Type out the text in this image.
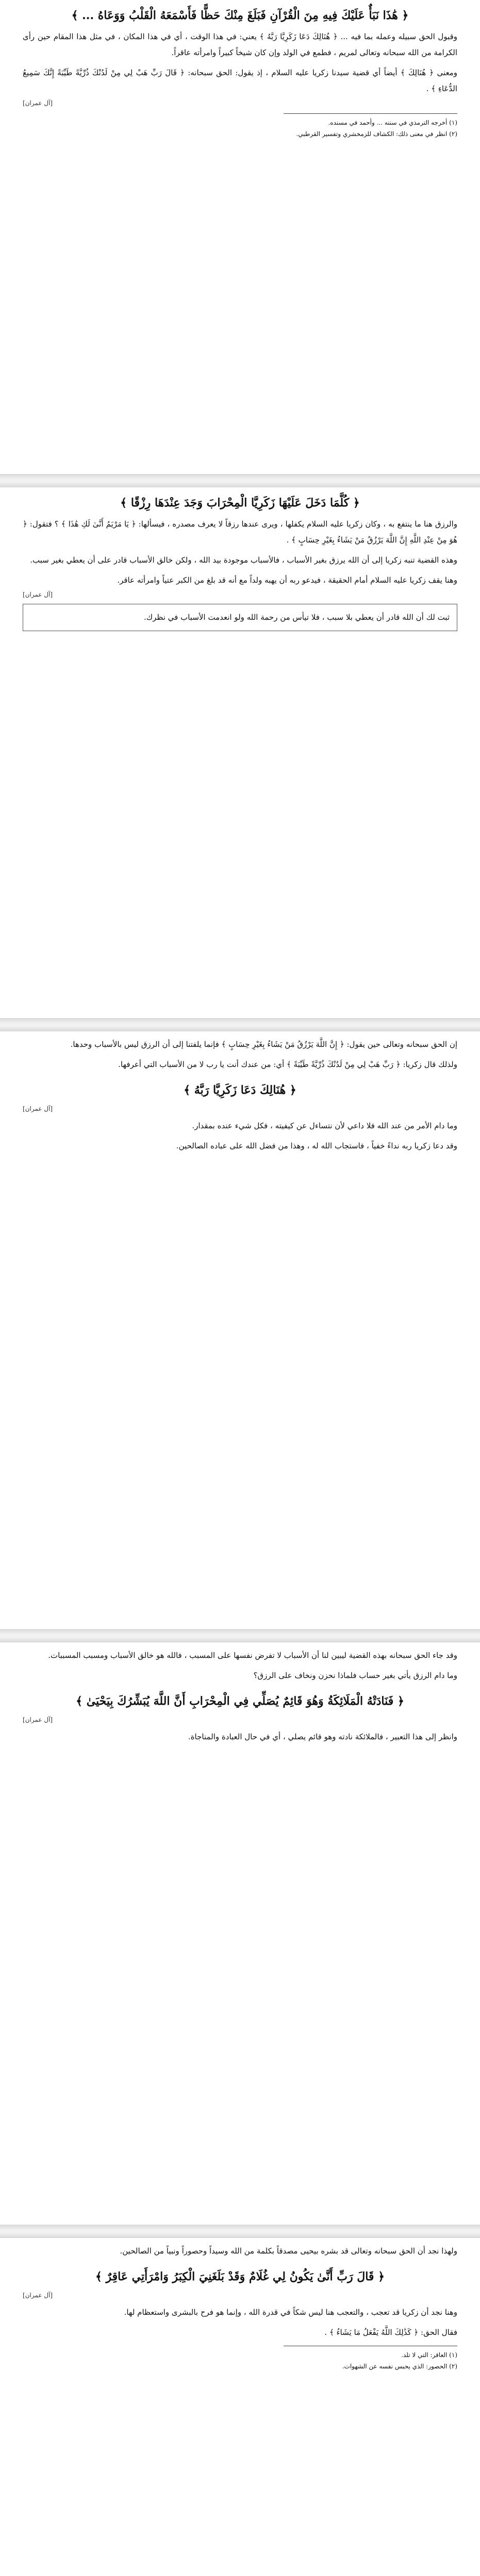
﴿ هَٰذَا نَبَأٌ عَلَيْكَ فِيهِ مِنَ الْقُرْآنِ فَبَلَغَ مِنْكَ حَظًّا فَأَسْمَعَهُ الْقَلْبُ وَوَعَاهُ ... ﴾

وقبول الحق سبيله وعمله بما فيه ... ﴿ هُنَالِكَ دَعَا زَكَرِيَّا رَبَّهُ ﴾ يعني: في هذا الوقت ، أي في هذا المكان ، في مثل هذا المقام حين رأى الكرامة من الله سبحانه وتعالى لمريم ، فطمع في الولد وإن كان شيخاً كبيراً وامرأته عاقراً.

ومعنى ﴿ هُنَالِكَ ﴾ أيضاً أي قضية سيدنا زكريا عليه السلام ، إذ يقول: الحق سبحانه: ﴿ قَالَ رَبِّ هَبْ لِي مِنْ لَدُنْكَ ذُرِّيَّةً طَيِّبَةً إِنَّكَ سَمِيعُ الدُّعَاءِ ﴾ .

[آل عمران]

(١) أخرجه الترمذي في سننه ... وأحمد في مسنده.

(٢) انظر في معنى ذلك: الكشاف للزمخشري وتفسير القرطبي.

﴿ كُلَّمَا دَخَلَ عَلَيْهَا زَكَرِيَّا الْمِحْرَابَ وَجَدَ عِنْدَهَا رِزْقًا ﴾

والرزق هنا ما ينتفع به ، وكان زكريا عليه السلام يكفلها ، ويرى عندها رزقاً لا يعرف مصدره ، فيسألها: ﴿ يَا مَرْيَمُ أَنَّىٰ لَكِ هَٰذَا ﴾ ؟ فتقول: ﴿ هُوَ مِنْ عِنْدِ اللَّهِ إِنَّ اللَّهَ يَرْزُقُ مَنْ يَشَاءُ بِغَيْرِ حِسَابٍ ﴾ .

وهذه القضية تنبه زكريا إلى أن الله يرزق بغير الأسباب ، فالأسباب موجودة بيد الله ، ولكن خالق الأسباب قادر على أن يعطي بغير سبب.

وهنا يقف زكريا عليه السلام أمام الحقيقة ، فيدعو ربه أن يهبه ولداً مع أنه قد بلغ من الكبر عتياً وامرأته عاقر.

[آل عمران]

ثبت لك أن الله قادر أن يعطي بلا سبب ، فلا تيأس من رحمة الله ولو انعدمت الأسباب في نظرك.

إن الحق سبحانه وتعالى حين يقول: ﴿ إِنَّ اللَّهَ يَرْزُقُ مَنْ يَشَاءُ بِغَيْرِ حِسَابٍ ﴾ فإنما يلفتنا إلى أن الرزق ليس بالأسباب وحدها.

ولذلك قال زكريا: ﴿ رَبِّ هَبْ لِي مِنْ لَدُنْكَ ذُرِّيَّةً طَيِّبَةً ﴾ أي: من عندك أنت يا رب لا من الأسباب التي أعرفها.

﴿ هُنَالِكَ دَعَا زَكَرِيَّا رَبَّهُ ﴾

[آل عمران]

وما دام الأمر من عند الله فلا داعي لأن نتساءل عن كيفيته ، فكل شيء عنده بمقدار.

وقد دعا زكريا ربه نداءً خفياً ، فاستجاب الله له ، وهذا من فضل الله على عباده الصالحين.

وقد جاء الحق سبحانه بهذه القضية ليبين لنا أن الأسباب لا تفرض نفسها على المسبب ، فالله هو خالق الأسباب ومسبب المسببات.

وما دام الرزق يأتي بغير حساب فلماذا نحزن ونخاف على الرزق؟

﴿ فَنَادَتْهُ الْمَلَائِكَةُ وَهُوَ قَائِمٌ يُصَلِّي فِي الْمِحْرَابِ أَنَّ اللَّهَ يُبَشِّرُكَ بِيَحْيَىٰ ﴾

[آل عمران]

وانظر إلى هذا التعبير ، فالملائكة نادته وهو قائم يصلي ، أي في حال العبادة والمناجاة.

ولهذا نجد أن الحق سبحانه وتعالى قد بشره بيحيى مصدقاً بكلمة من الله وسيداً وحصوراً ونبياً من الصالحين.

﴿ قَالَ رَبِّ أَنَّىٰ يَكُونُ لِي غُلَامٌ وَقَدْ بَلَغَنِيَ الْكِبَرُ وَامْرَأَتِي عَاقِرٌ ﴾

[آل عمران]

وهنا نجد أن زكريا قد تعجب ، والتعجب هنا ليس شكاً في قدرة الله ، وإنما هو فرح بالبشرى واستعظام لها.

فقال الحق: ﴿ كَذَٰلِكَ اللَّهُ يَفْعَلُ مَا يَشَاءُ ﴾ .

(١) العاقر: التي لا تلد.

(٢) الحصور: الذي يحبس نفسه عن الشهوات.
